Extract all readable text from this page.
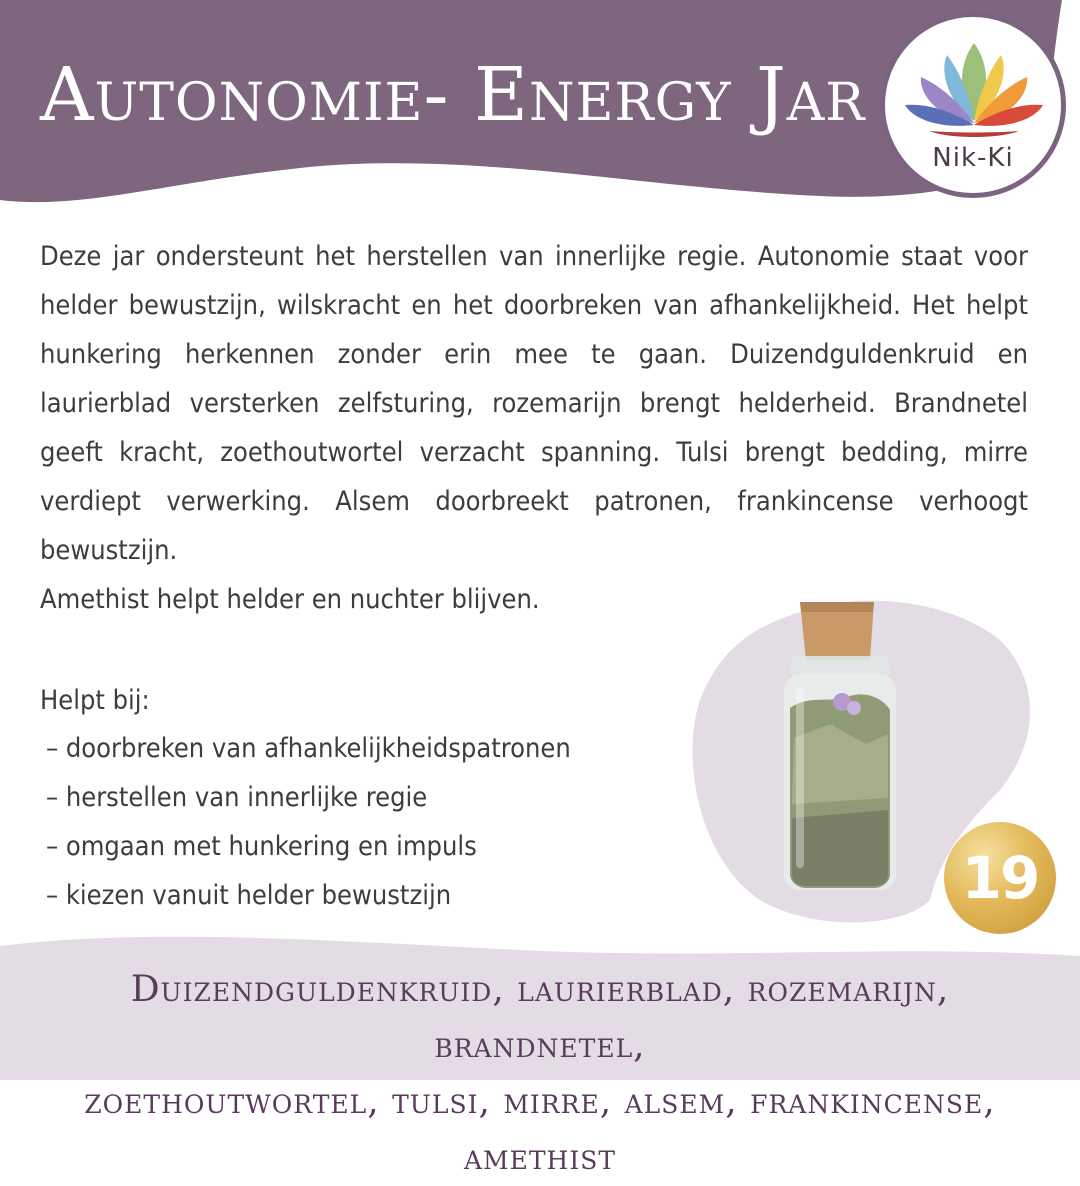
Autonomie- Energy Jar
Nik-Ki

Deze jar ondersteunt het herstellen van innerlijke regie. Autonomie staat voor helder bewustzijn, wilskracht en het doorbreken van afhankelijkheid. Het helpt hunkering herkennen zonder erin mee te gaan. Duizendguldenkruid en laurierblad versterken zelfsturing, rozemarijn brengt helderheid. Brandnetel geeft kracht, zoethoutwortel verzacht spanning. Tulsi brengt bedding, mirre verdiept verwerking. Alsem doorbreekt patronen, frankincense verhoogt bewustzijn.

Amethist helpt helder en nuchter blijven.

Helpt bij:

– doorbreken van afhankelijkheidspatronen
– herstellen van innerlijke regie
– omgaan met hunkering en impuls
– kiezen vanuit helder bewustzijn	19
Duizendguldenkruid, laurierblad, rozemarijn, brandnetel,
zoethoutwortel, tulsi, mirre, alsem, frankincense, amethist
